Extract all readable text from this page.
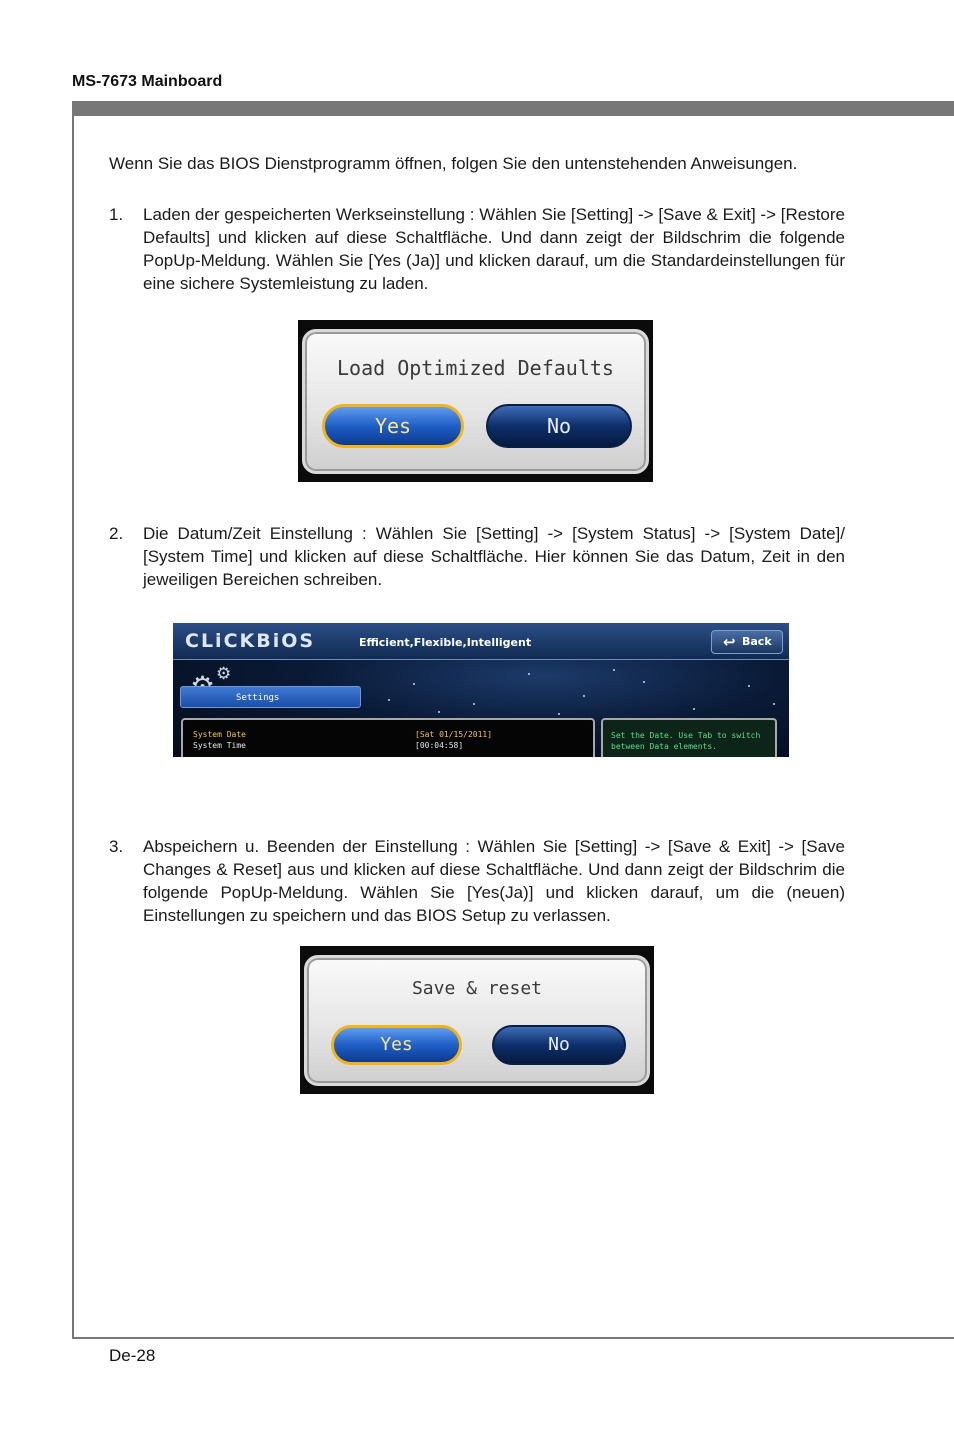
MS-7673 Mainboard

Wenn Sie das BIOS Dienstprogramm öffnen, folgen Sie den untenstehenden Anweisungen.

1. Laden der gespeicherten Werkseinstellung : Wählen Sie [Setting] -> [Save & Exit] -> [Restore Defaults] und klicken auf diese Schaltfläche. Und dann zeigt der Bildschrim die folgende PopUp-Meldung. Wählen Sie [Yes (Ja)] und klicken darauf, um die Standardeinstellungen für eine sichere Systemleistung zu laden.
Load Optimized Defaults
Yes	No
2. Die Datum/Zeit Einstellung : Wählen Sie [Setting] -> [System Status] -> [System Date]/ [System Time] und klicken auf diese Schaltfläche. Hier können Sie das Datum, Zeit in den jeweiligen Bereichen schreiben.
CLiCKBiOS	Efficient,Flexible,Intelligent	↩ Back
⚙
Settings
System Date	[Sat 01/15/2011]
System Time	[00:04:58]
Set the Date. Use Tab to switch between Data elements.
3. Abspeichern u. Beenden der Einstellung : Wählen Sie [Setting] -> [Save & Exit] -> [Save Changes & Reset] aus und klicken auf diese Schaltfläche. Und dann zeigt der Bildschrim die folgende PopUp-Meldung. Wählen Sie [Yes(Ja)] und klicken darauf, um die (neuen) Einstellungen zu speichern und das BIOS Setup zu verlassen.
Save & reset
Yes	No
De-28
